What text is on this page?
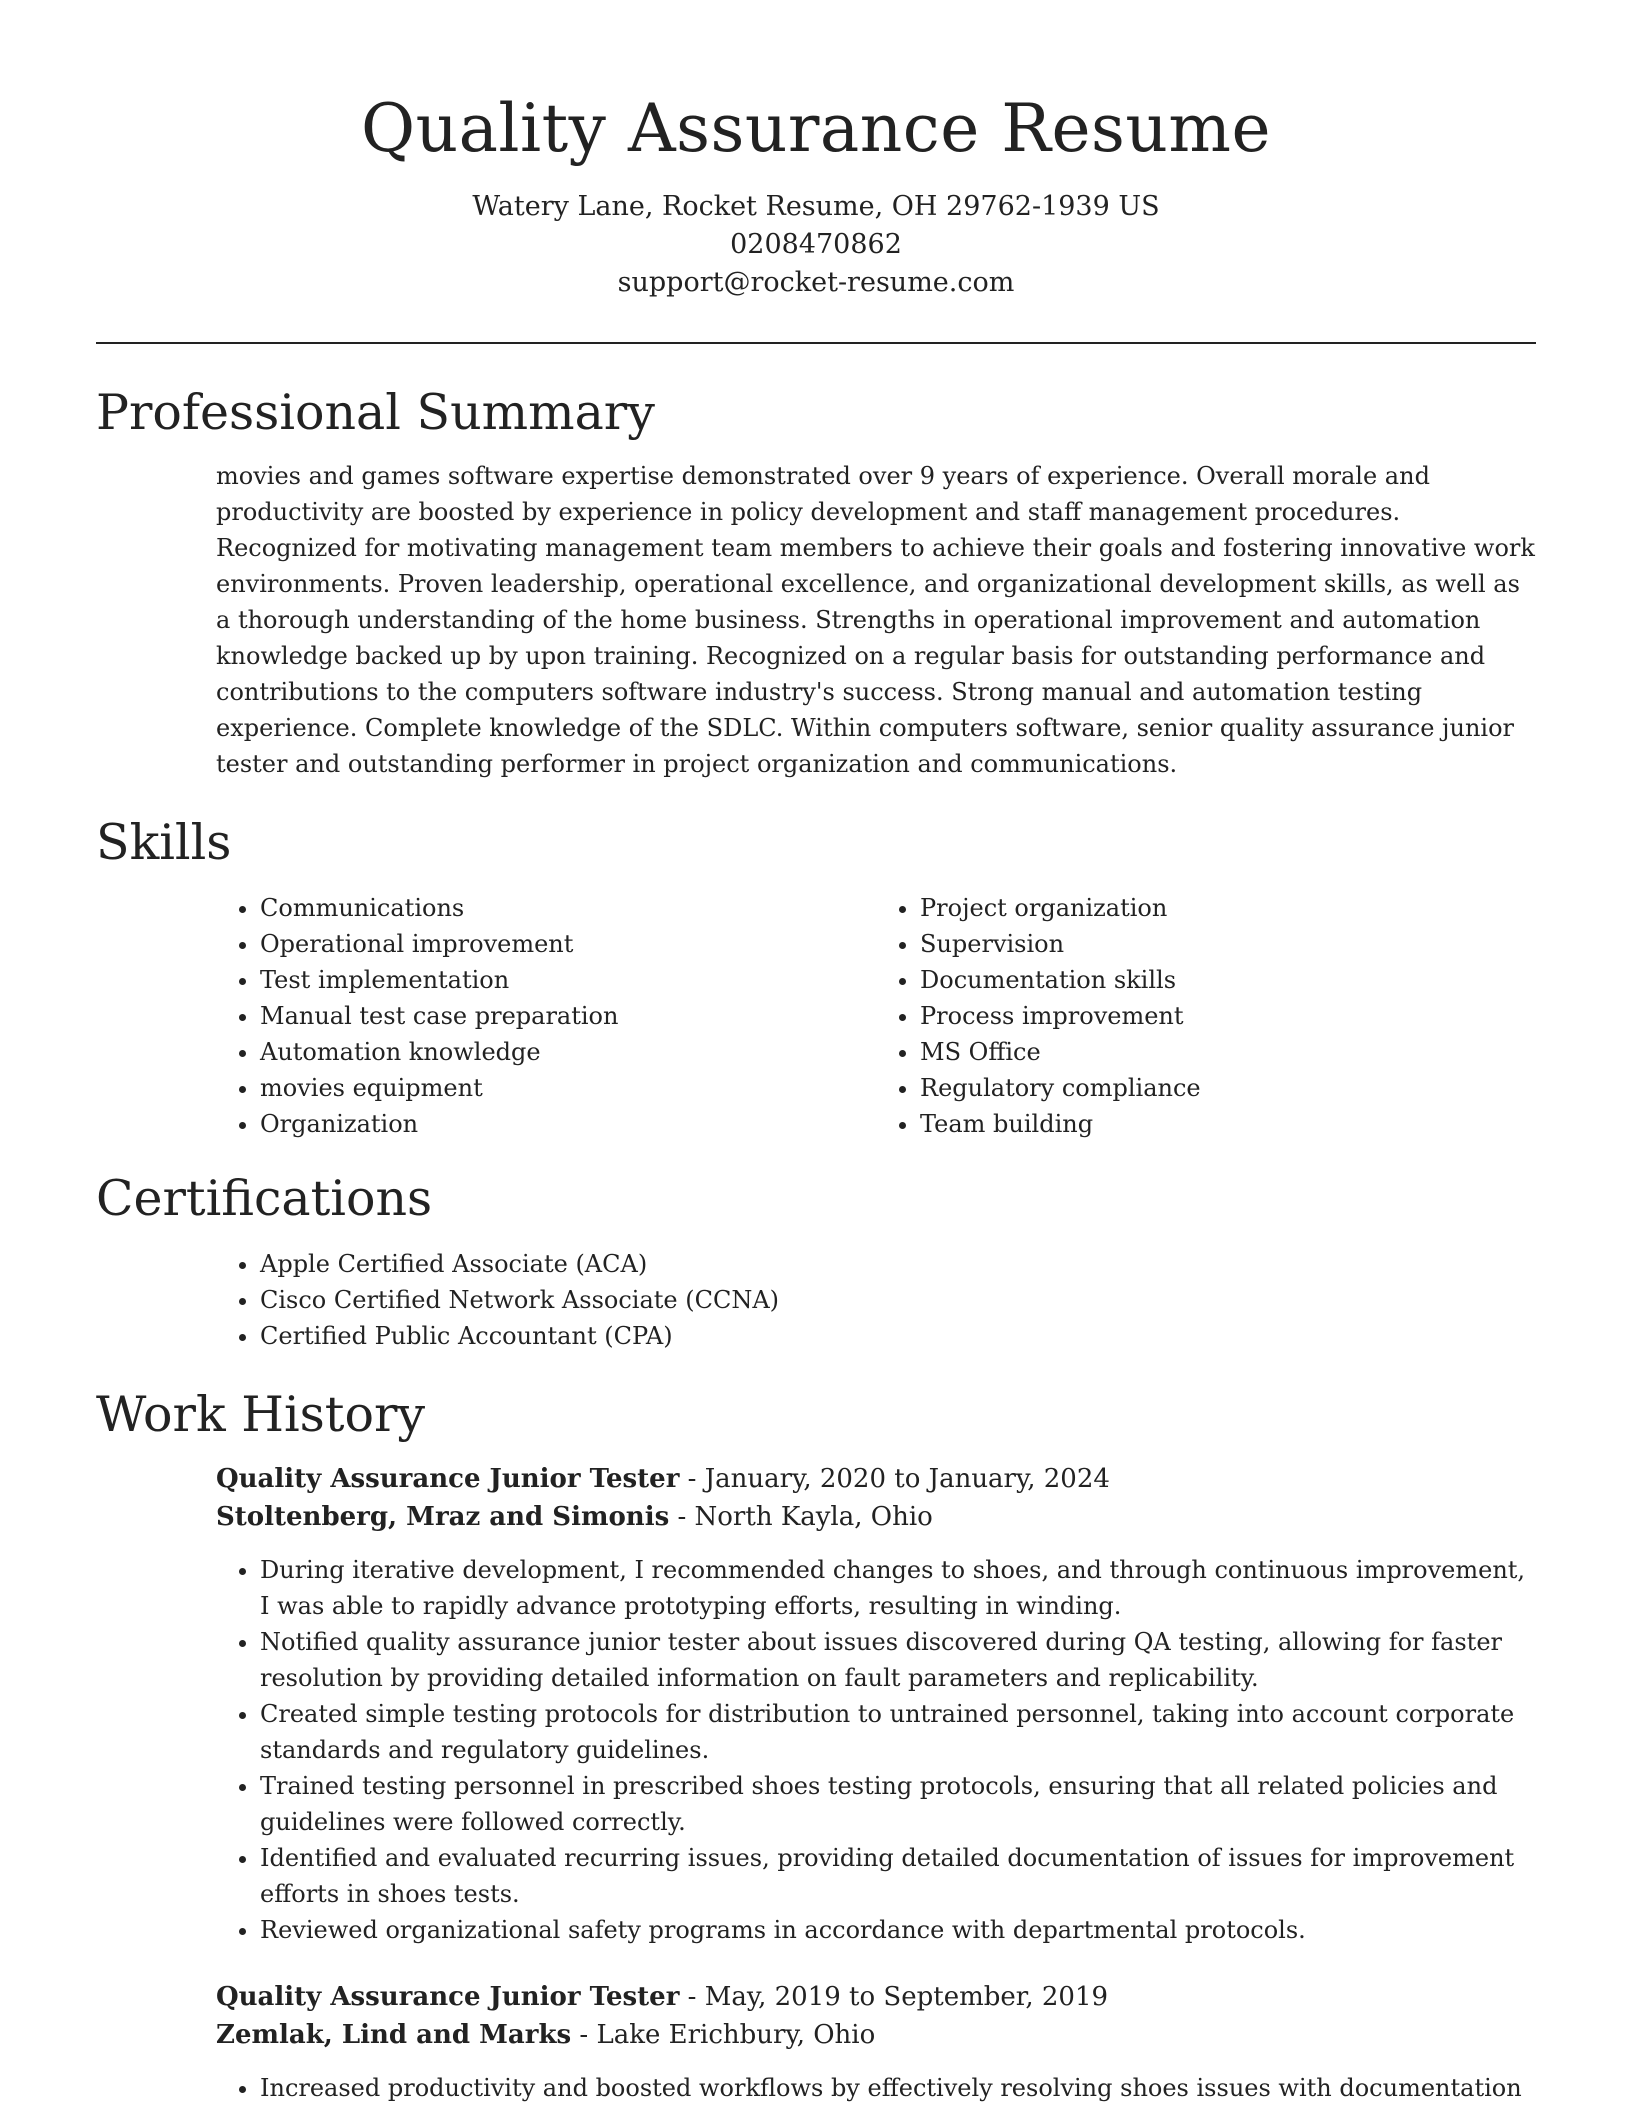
Quality Assurance Resume
Watery Lane, Rocket Resume, OH 29762-1939 US
0208470862
support@rocket-resume.com
Professional Summary
movies and games software expertise demonstrated over 9 years of experience. Overall morale and productivity are boosted by experience in policy development and staff management procedures. Recognized for motivating management team members to achieve their goals and fostering innovative work environments. Proven leadership, operational excellence, and organizational development skills, as well as a thorough understanding of the home business. Strengths in operational improvement and automation knowledge backed up by upon training. Recognized on a regular basis for outstanding performance and contributions to the computers software industry's success. Strong manual and automation testing experience. Complete knowledge of the SDLC. Within computers software, senior quality assurance junior tester and outstanding performer in project organization and communications.
Skills
• Communications
• Operational improvement
• Test implementation
• Manual test case preparation
• Automation knowledge
• movies equipment
• Organization
• Project organization
• Supervision
• Documentation skills
• Process improvement
• MS Office
• Regulatory compliance
• Team building
Certifications
• Apple Certified Associate (ACA)
• Cisco Certified Network Associate (CCNA)
• Certified Public Accountant (CPA)
Work History
Quality Assurance Junior Tester - January, 2020 to January, 2024
Stoltenberg, Mraz and Simonis - North Kayla, Ohio
• During iterative development, I recommended changes to shoes, and through continuous improvement, I was able to rapidly advance prototyping efforts, resulting in winding.
• Notified quality assurance junior tester about issues discovered during QA testing, allowing for faster resolution by providing detailed information on fault parameters and replicability.
• Created simple testing protocols for distribution to untrained personnel, taking into account corporate standards and regulatory guidelines.
• Trained testing personnel in prescribed shoes testing protocols, ensuring that all related policies and guidelines were followed correctly.
• Identified and evaluated recurring issues, providing detailed documentation of issues for improvement efforts in shoes tests.
• Reviewed organizational safety programs in accordance with departmental protocols.
Quality Assurance Junior Tester - May, 2019 to September, 2019
Zemlak, Lind and Marks - Lake Erichbury, Ohio
• Increased productivity and boosted workflows by effectively resolving shoes issues with documentation
